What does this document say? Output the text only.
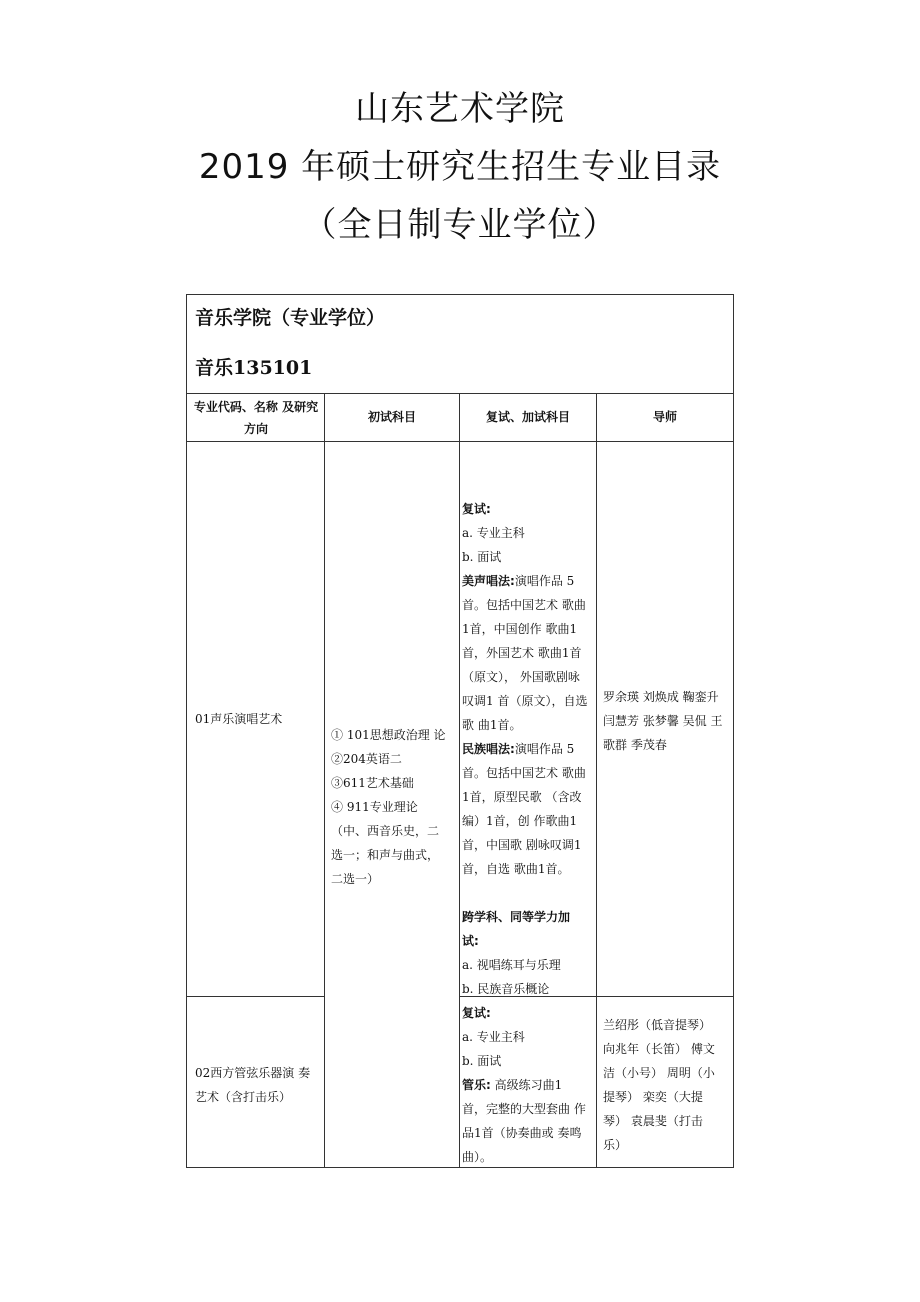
山东艺术学院
2019 年硕士研究生招生专业目录
（全日制专业学位）
音乐学院（专业学位）
音乐135101
专业代码、名称 及研究方向
初试科目	复试、加试科目	导师
01声乐演唱艺术

复试:

a. 专业主科

b. 面试

美声唱法:演唱作品 5

首。包括中国艺术 歌曲

1首，中国创作 歌曲1

首，外国艺术 歌曲1首

（原文）， 外国歌剧咏

叹调1 首（原文），自选

歌 曲1首。

民族唱法:演唱作品 5

首。包括中国艺术 歌曲

1首，原型民歌 （含改

编）1首，创 作歌曲1

首，中国歌 剧咏叹调1

首，自选 歌曲1首。

跨学科、同等学力加

试:

a. 视唱练耳与乐理

b. 民族音乐概论

罗余瑛 刘焕成 鞠銮升

闫慧芳 张梦馨 吴侃 王

歌群 季茂春

① 101思想政治理 论

②204英语二

③611艺术基础

④ 911专业理论

（中、西音乐史，二

选一；和声与曲式，

二选一）

02西方管弦乐器演 奏艺术（含打击乐）

复试:

a. 专业主科

b. 面试

管乐: 高级练习曲1

首，完整的大型套曲 作

品1首（协奏曲或 奏鸣

曲）。

兰绍彤（低音提琴）

向兆年（长笛） 傅文

洁（小号） 周明（小

提琴） 栾奕（大提

琴） 袁晨斐（打击

乐）
